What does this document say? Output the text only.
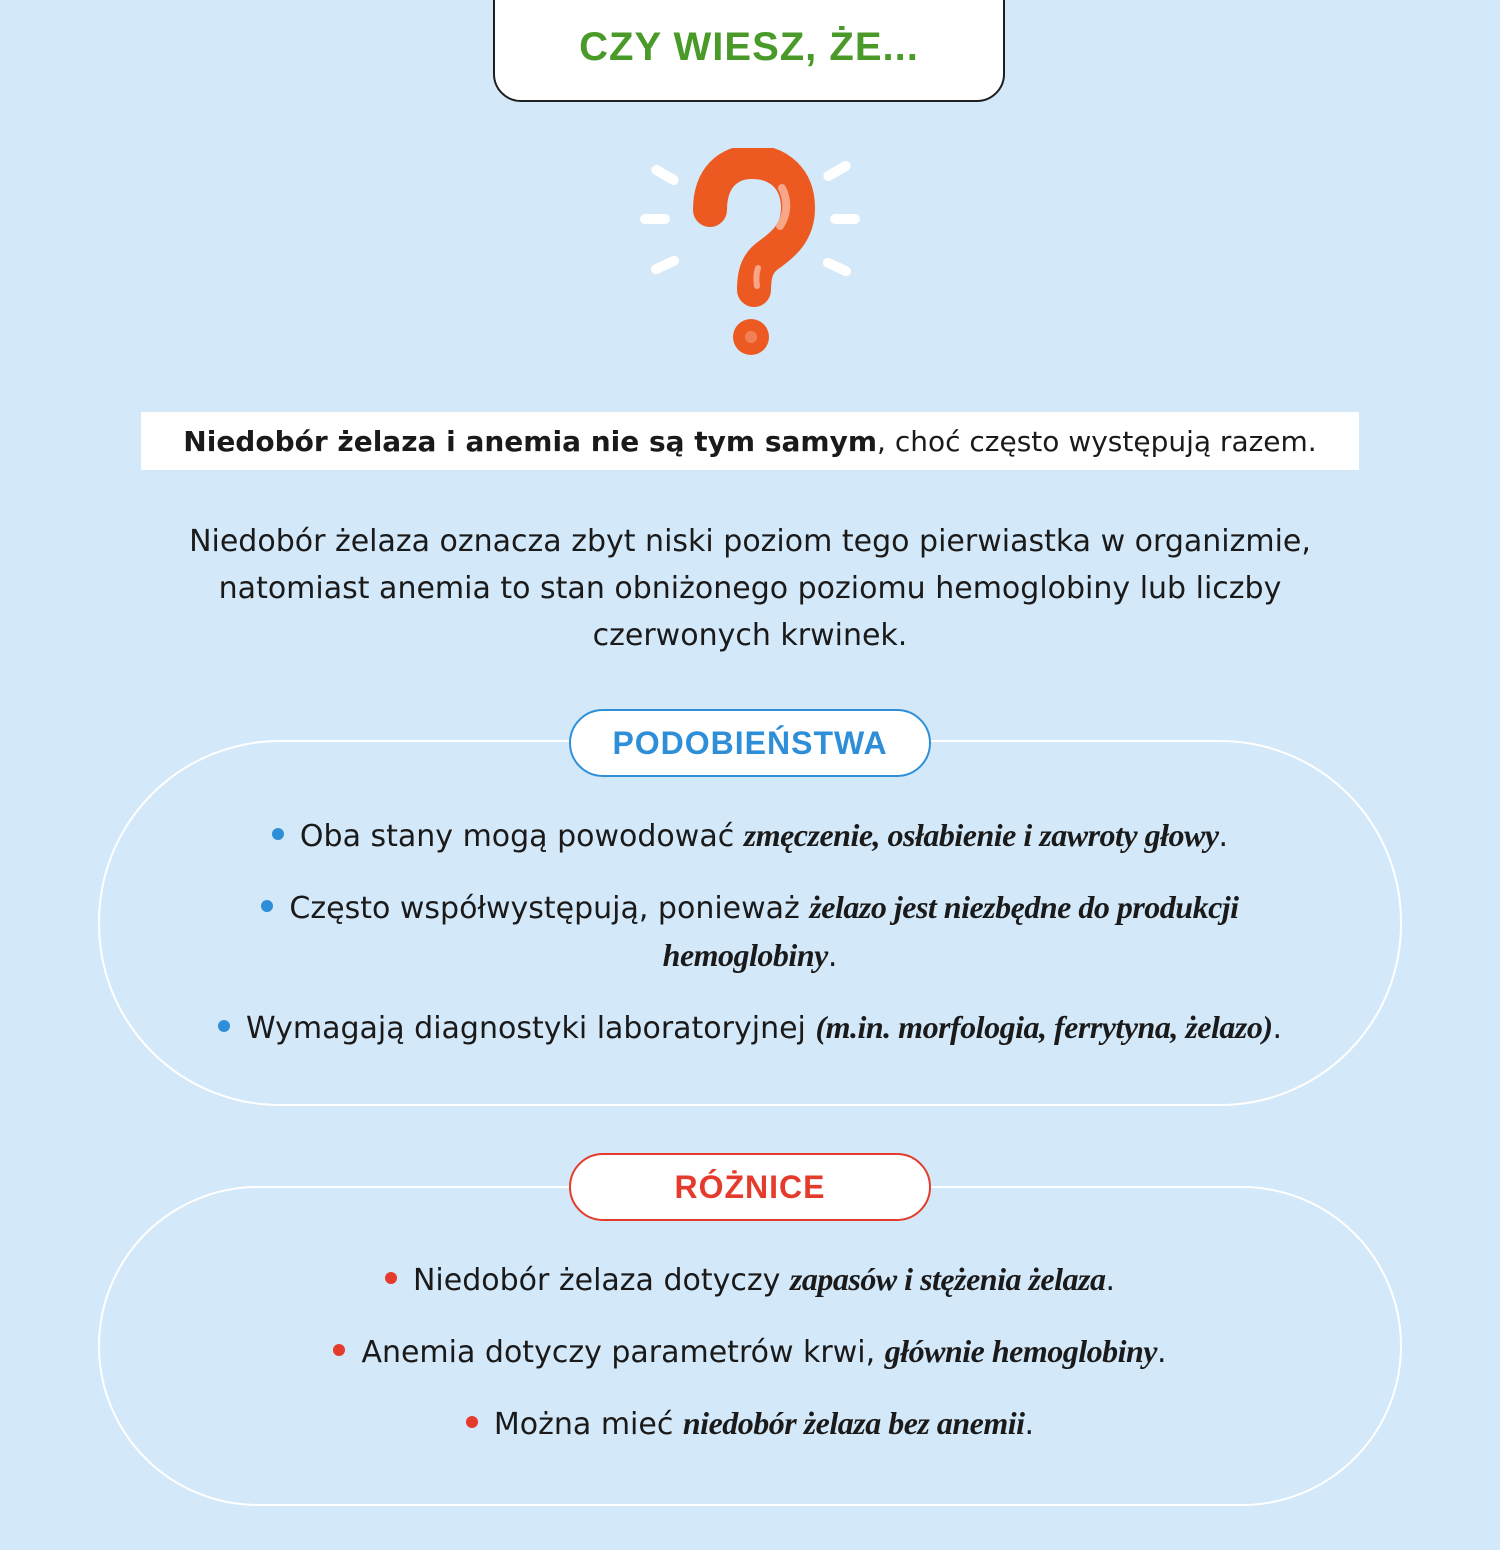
CZY WIESZ, ŻE...
Niedobór żelaza i anemia nie są tym samym , choć często występują razem.
Niedobór żelaza oznacza zbyt niski poziom tego pierwiastka w organizmie,
natomiast anemia to stan obniżonego poziomu hemoglobiny lub liczby
czerwonych krwinek.
PODOBIEŃSTWA
Oba stany mogą powodować zmęczenie, osłabienie i zawroty głowy.
Często współwystępują, ponieważ żelazo jest niezbędne do produkcji
hemoglobiny.
Wymagają diagnostyki laboratoryjnej (m.in. morfologia, ferrytyna, żelazo).
RÓŻNICE
Niedobór żelaza dotyczy zapasów i stężenia żelaza.
Anemia dotyczy parametrów krwi, głównie hemoglobiny.
Można mieć niedobór żelaza bez anemii.
